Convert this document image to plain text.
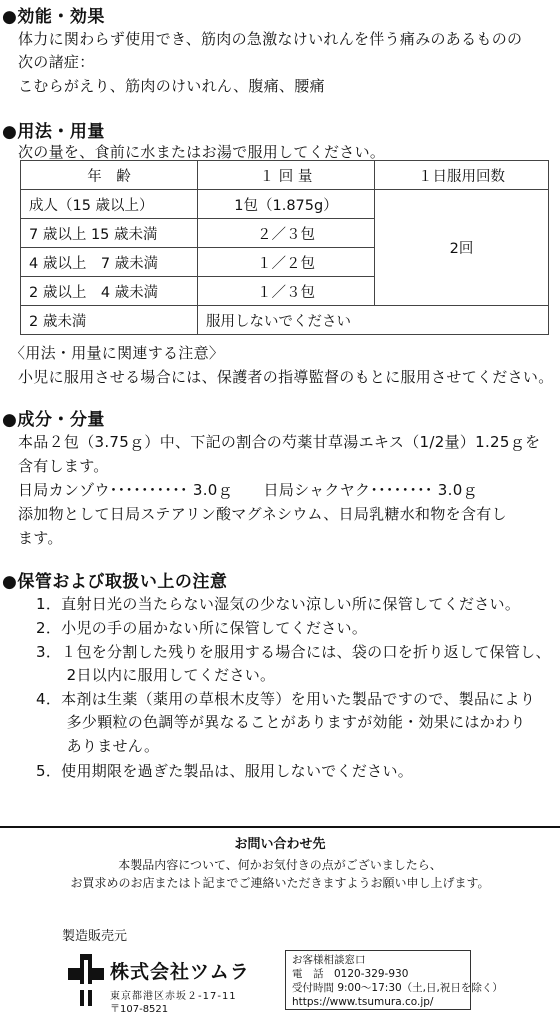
●効能・効果
体力に関わらず使用でき、筋肉の急激なけいれんを伴う痛みのあるものの
次の諸症：
こむらがえり、筋肉のけいれん、腹痛、腰痛
●用法・用量
次の量を、食前に水またはお湯で服用してください。
年　齢	１ 回 量	１日服用回数
成人（15 歳以上）	1包（1.875g）	2回
7 歳以上 15 歳未満	２／３包	
4 歳以上　7 歳未満	１／２包	
2 歳以上　4 歳未満	１／３包	
2 歳未満	服用しないでください	
〈用法・用量に関連する注意〉
小児に服用させる場合には、保護者の指導監督のもとに服用させてください。
●成分・分量
本品２包（3.75ｇ）中、下記の割合の芍薬甘草湯エキス（1/2量）1.25ｇを
含有します。
日局カンゾウ･･････････ 3.0ｇ　　日局シャクヤク････････ 3.0ｇ
添加物として日局ステアリン酸マグネシウム、日局乳糖水和物を含有し
ます。
●保管および取扱い上の注意
1．直射日光の当たらない湿気の少ない涼しい所に保管してください。
2．小児の手の届かない所に保管してください。
3．１包を分割した残りを服用する場合には、袋の口を折り返して保管し、
　　2日以内に服用してください。
4．本剤は生薬（薬用の草根木皮等）を用いた製品ですので、製品により
　　多少顆粒の色調等が異なることがありますが効能・効果にはかわり
　　ありません。
5．使用期限を過ぎた製品は、服用しないでください。
お問い合わせ先
本製品内容について、何かお気付きの点がございましたら、
お買求めのお店またはト記までご連絡いただきますようお願い申し上げます。
製造販売元
株式会社ツムラ
東京都港区赤坂２-17-11
〒107-8521
お客様相談窓口
電　話　0120-329-930
受付時間 9:00～17:30（土,日,祝日を除く）
https://www.tsumura.co.jp/
